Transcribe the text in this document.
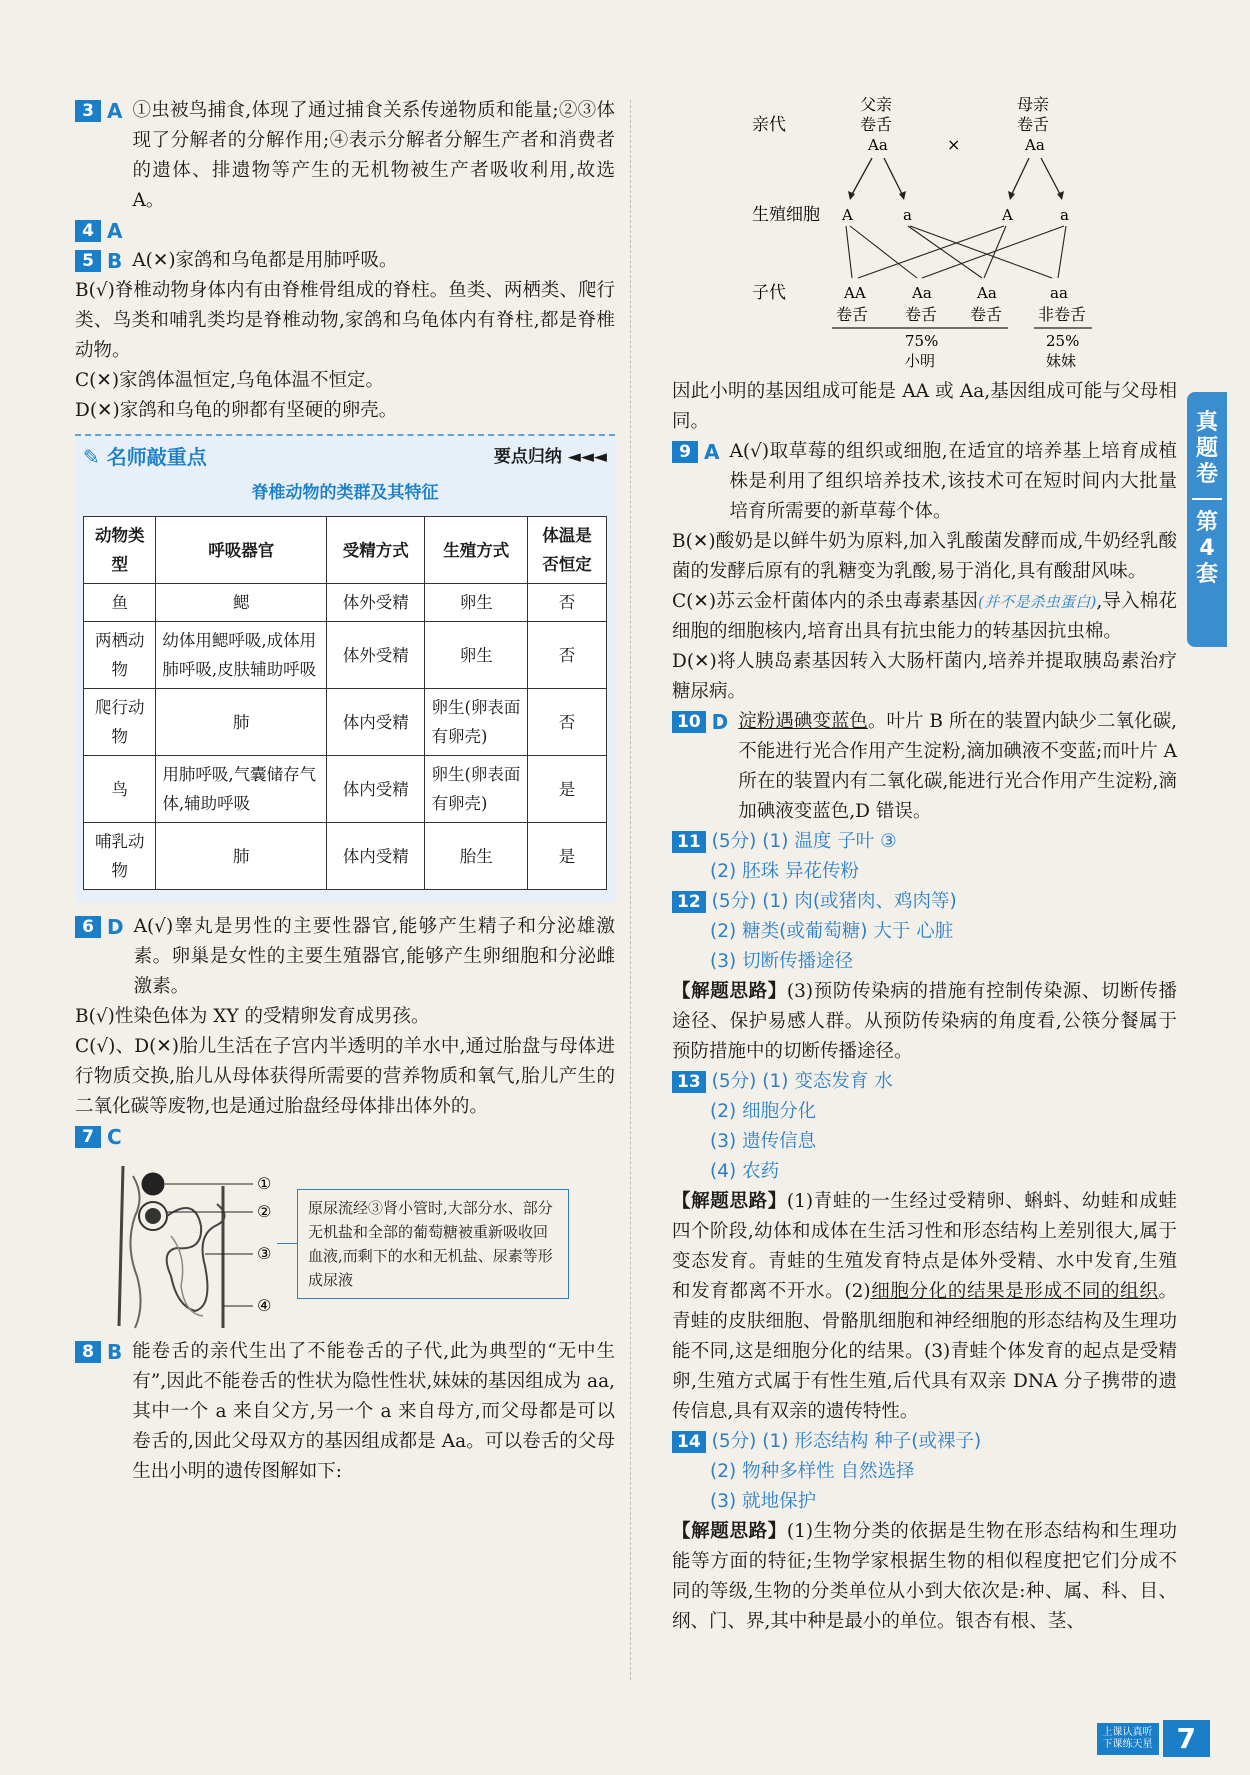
3 A ①虫被鸟捕食,体现了通过捕食关系传递物质和能量;②③体现了分解者的分解作用;④表示分解者分解生产者和消费者的遗体、排遗物等产生的无机物被生产者吸收利用,故选 A。

4 A
5 B A(✕)家鸽和乌龟都是用肺呼吸。

B(√)脊椎动物身体内有由脊椎骨组成的脊柱。鱼类、两栖类、爬行类、鸟类和哺乳类均是脊椎动物,家鸽和乌龟体内有脊柱,都是脊椎动物。

C(✕)家鸽体温恒定,乌龟体温不恒定。

D(✕)家鸽和乌龟的卵都有坚硬的卵壳。

✎ 名师敲重点	要点归纳 ◄◄◄
脊椎动物的类群及其特征
动物类型	呼吸器官	受精方式	生殖方式	体温是否恒定
鱼	鳃	体外受精	卵生	否
两栖动物	幼体用鳃呼吸,成体用肺呼吸,皮肤辅助呼吸	体外受精	卵生	否
爬行动物	肺	体内受精	卵生(卵表面有卵壳)	否
鸟	用肺呼吸,气囊储存气体,辅助呼吸	体内受精	卵生(卵表面有卵壳)	是
哺乳动物	肺	体内受精	胎生	是
6 D A(√)睾丸是男性的主要性器官,能够产生精子和分泌雄激素。卵巢是女性的主要生殖器官,能够产生卵细胞和分泌雌激素。

B(√)性染色体为 XY 的受精卵发育成男孩。

C(√)、D(✕)胎儿生活在子宫内半透明的羊水中,通过胎盘与母体进行物质交换,胎儿从母体获得所需要的营养物质和氧气,胎儿产生的二氧化碳等废物,也是通过胎盘经母体排出体外的。

7 C
①
②
③
④
原尿流经③肾小管时,大部分水、部分无机盐和全部的葡萄糖被重新吸收回血液,而剩下的水和无机盐、尿素等形成尿液
8 B 能卷舌的亲代生出了不能卷舌的子代,此为典型的“无中生有”,因此不能卷舌的性状为隐性性状,妹妹的基因组成为 aa,其中一个 a 来自父方,另一个 a 来自母方,而父母都是可以卷舌的,因此父母双方的基因组成都是 Aa。可以卷舌的父母生出小明的遗传图解如下:

亲代
生殖细胞
子代
父亲
卷舌
Aa	×
母亲
卷舌
Aa
A	a	A	a
AA	Aa	Aa	aa
卷舌 卷舌 卷舌 非卷舌
75%
小明
25%
妹妹

因此小明的基因组成可能是 AA 或 Aa,基因组成可能与父母相同。

9 A A(√)取草莓的组织或细胞,在适宜的培养基上培育成植株是利用了组织培养技术,该技术可在短时间内大批量培育所需要的新草莓个体。

B(✕)酸奶是以鲜牛奶为原料,加入乳酸菌发酵而成,牛奶经乳酸菌的发酵后原有的乳糖变为乳酸,易于消化,具有酸甜风味。

C(✕)苏云金杆菌体内的杀虫毒素基因(并不是杀虫蛋白),导入棉花细胞的细胞核内,培育出具有抗虫能力的转基因抗虫棉。

D(✕)将人胰岛素基因转入大肠杆菌内,培养并提取胰岛素治疗糖尿病。

10 D 淀粉遇碘变蓝色。叶片 B 所在的装置内缺少二氧化碳,不能进行光合作用产生淀粉,滴加碘液不变蓝;而叶片 A 所在的装置内有二氧化碳,能进行光合作用产生淀粉,滴加碘液变蓝色,D 错误。

11 (5分) (1) 温度 子叶 ③
(2) 胚珠 异花传粉
12 (5分) (1) 肉(或猪肉、鸡肉等)
(2) 糖类(或葡萄糖) 大于 心脏
(3) 切断传播途径

【解题思路】(3)预防传染病的措施有控制传染源、切断传播途径、保护易感人群。从预防传染病的角度看,公筷分餐属于预防措施中的切断传播途径。

13 (5分) (1) 变态发育 水
(2) 细胞分化
(3) 遗传信息
(4) 农药

【解题思路】(1)青蛙的一生经过受精卵、蝌蚪、幼蛙和成蛙四个阶段,幼体和成体在生活习性和形态结构上差别很大,属于变态发育。青蛙的生殖发育特点是体外受精、水中发育,生殖和发育都离不开水。(2)细胞分化的结果是形成不同的组织。青蛙的皮肤细胞、骨骼肌细胞和神经细胞的形态结构及生理功能不同,这是细胞分化的结果。(3)青蛙个体发育的起点是受精卵,生殖方式属于有性生殖,后代具有双亲 DNA 分子携带的遗传信息,具有双亲的遗传特性。

14 (5分) (1) 形态结构 种子(或裸子)
(2) 物种多样性 自然选择
(3) 就地保护

【解题思路】(1)生物分类的依据是生物在形态结构和生理功能等方面的特征;生物学家根据生物的相似程度把它们分成不同的等级,生物的分类单位从小到大依次是:种、属、科、目、纲、门、界,其中种是最小的单位。银杏有根、茎、

真题卷
第4套
上课认真听
下课练天星 7
